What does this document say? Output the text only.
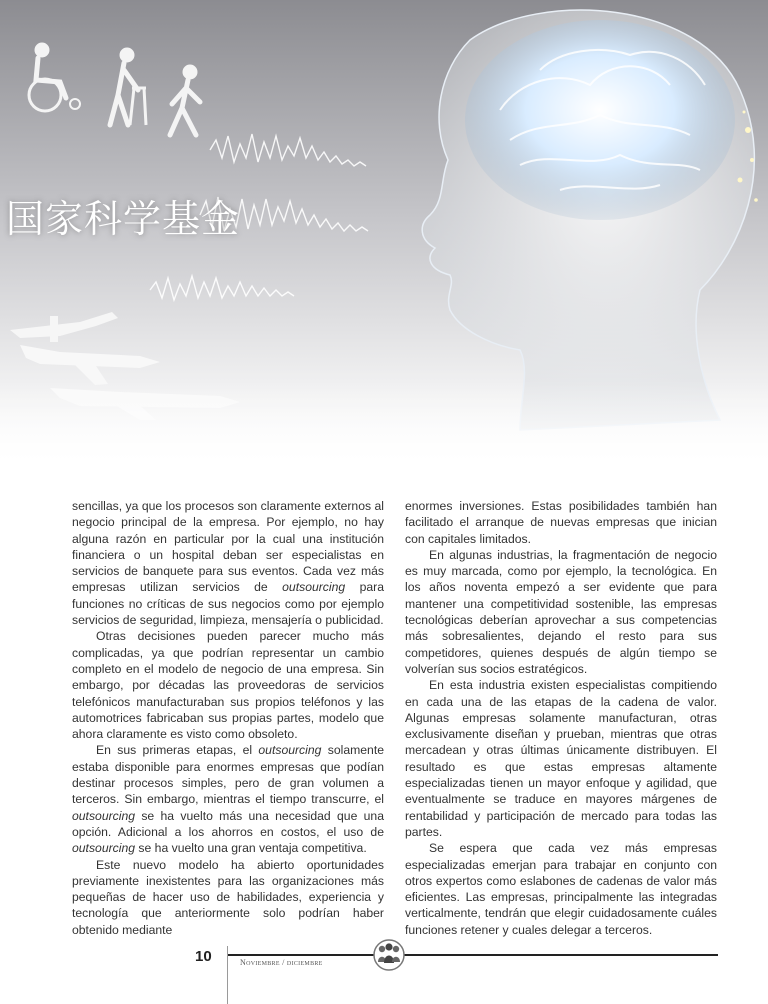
国家科学基金

sencillas, ya que los procesos son claramente externos al negocio principal de la empresa. Por ejemplo, no hay alguna razón en particular por la cual una institución financiera o un hospital deban ser especialistas en servicios de banquete para sus eventos. Cada vez más empresas utilizan servicios de outsourcing para funciones no críticas de sus negocios como por ejemplo servicios de seguridad, limpieza, mensajería o publicidad.

Otras decisiones pueden parecer mucho más complicadas, ya que podrían representar un cambio completo en el modelo de negocio de una empresa. Sin embargo, por décadas las proveedoras de servicios telefónicos manufacturaban sus propios teléfonos y las automotrices fabricaban sus propias partes, modelo que ahora claramente es visto como obsoleto.

En sus primeras etapas, el outsourcing solamente estaba disponible para enormes empresas que podían destinar procesos simples, pero de gran volumen a terceros. Sin embargo, mientras el tiempo transcurre, el outsourcing se ha vuelto más una necesidad que una opción. Adicional a los ahorros en costos, el uso de outsourcing se ha vuelto una gran ventaja competitiva.

Este nuevo modelo ha abierto oportunidades previamente inexistentes para las organizaciones más pequeñas de hacer uso de habilidades, experiencia y tecnología que anteriormente solo podrían haber obtenido mediante

enormes inversiones. Estas posibilidades también han facilitado el arranque de nuevas empresas que inician con capitales limitados.

En algunas industrias, la fragmentación de negocio es muy marcada, como por ejemplo, la tecnológica. En los años noventa empezó a ser evidente que para mantener una competitividad sostenible, las empresas tecnológicas deberían aprovechar a sus competencias más sobresalientes, dejando el resto para sus competidores, quienes después de algún tiempo se volverían sus socios estratégicos.

En esta industria existen especialistas compitiendo en cada una de las etapas de la cadena de valor. Algunas empresas solamente manufacturan, otras exclusivamente diseñan y prueban, mientras que otras mercadean y otras últimas únicamente distribuyen. El resultado es que estas empresas altamente especializadas tienen un mayor enfoque y agilidad, que eventualmente se traduce en mayores márgenes de rentabilidad y participación de mercado para todas las partes.

Se espera que cada vez más empresas especializadas emerjan para trabajar en conjunto con otros expertos como eslabones de cadenas de valor más eficientes. Las empresas, principalmente las integradas verticalmente, tendrán que elegir cuidadosamente cuáles funciones retener y cuales delegar a terceros.

10	Noviembre / diciembre
